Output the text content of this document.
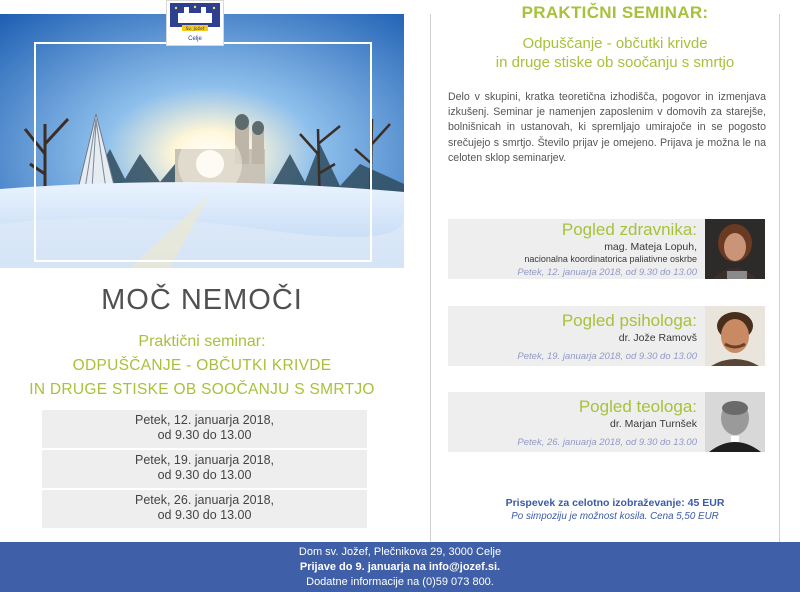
Sv. Jožef
Celje
MOČ NEMOČI
Praktični seminar:
ODPUŠČANJE - OBČUTKI KRIVDE
IN DRUGE STISKE OB SOOČANJU S SMRTJO
Petek, 12. januarja 2018,
od 9.30 do 13.00
Petek, 19. januarja 2018,
od 9.30 do 13.00
Petek, 26. januarja 2018,
od 9.30 do 13.00
PRAKTIČNI SEMINAR:
Odpuščanje - občutki krivde
in druge stiske ob soočanju s smrtjo
Delo v skupini, kratka teoretična izhodišča, pogovor in izmenjava izkušenj. Seminar je namenjen zaposlenim v domovih za starejše, bolnišnicah in ustanovah, ki spremljajo umirajoče in se pogosto srečujejo s smrtjo. Število prijav je omejeno. Prijava je možna le na celoten sklop seminarjev.
Pogled zdravnika:
mag. Mateja Lopuh,
nacionalna koordinatorica paliativne oskrbe
Petek, 12. januarja 2018, od 9.30 do 13.00
Pogled psihologa:
dr. Jože Ramovš
Petek, 19. januarja 2018, od 9.30 do 13.00
Pogled teologa:
dr. Marjan Turnšek
Petek, 26. januarja 2018, od 9.30 do 13.00
Prispevek za celotno izobraževanje: 45 EUR
Po simpoziju je možnost kosila. Cena 5,50 EUR
Dom sv. Jožef, Plečnikova 29, 3000 Celje
Prijave do 9. januarja na info@jozef.si.
Dodatne informacije na (0)59 073 800.
